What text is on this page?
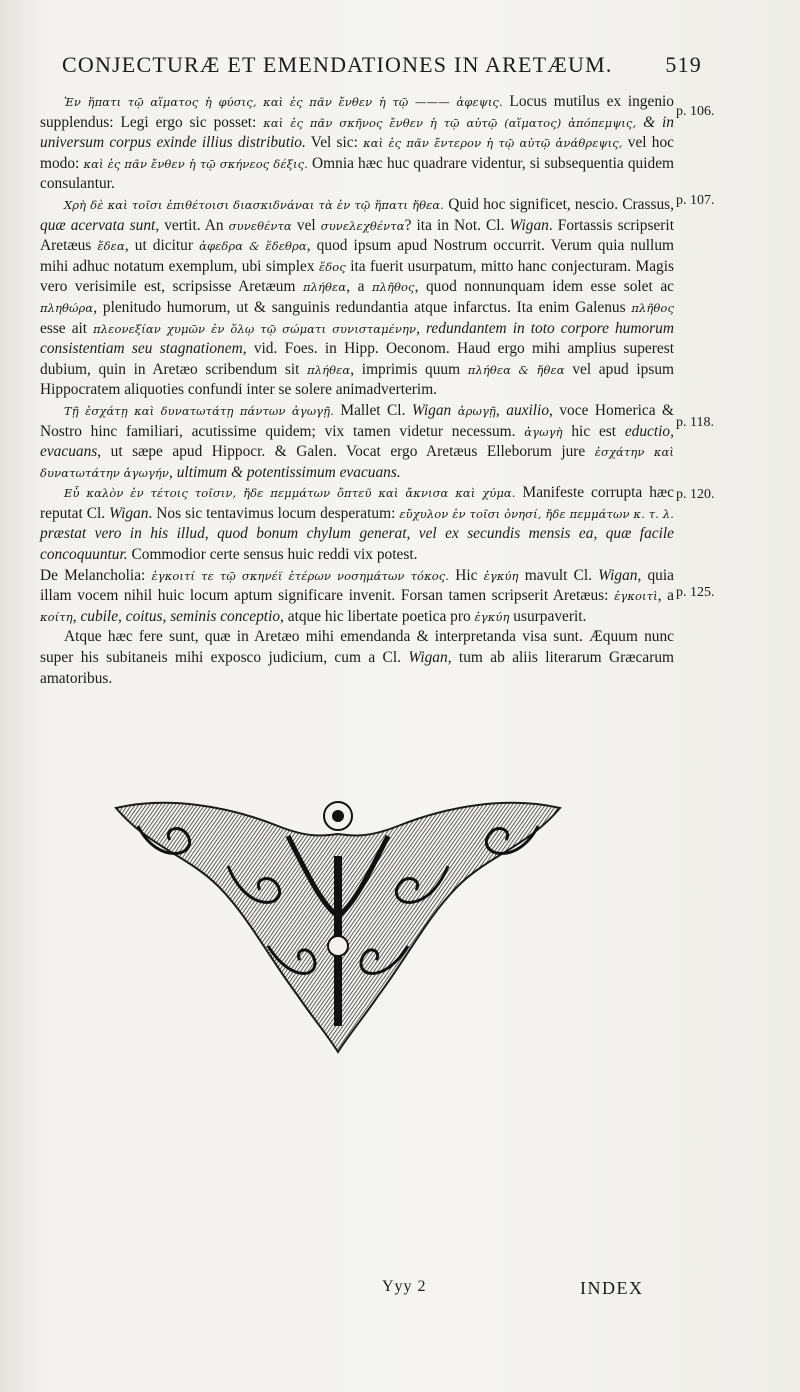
CONJECTURÆ ET EMENDATIONES IN ARETÆUM. 519

Ἐν ἥπατι τῷ αἵματος ἡ φύσις, καὶ ἐς πᾶν ἔνθεν ἡ τῷ ——— ἀφεψις. Locus mutilus ex ingenio supplendus: Legi ergo sic posset: καὶ ἐς πᾶν σκῆνος ἔνθεν ἡ τῷ αὐτῷ (αἵματος) ἀπόπεμψις, & in universum corpus exinde illius distributio. Vel sic: καὶ ἐς πᾶν ἔντερον ἡ τῷ αὐτῷ ἀνάθρεψις, vel hoc modo: καὶ ἐς πᾶν ἔνθεν ἡ τῷ σκήνεος δέξις. Omnia hæc huc quadrare videntur, si subsequentia quidem consulantur.

Χρὴ δὲ καὶ τοῖσι ἐπιθέτοισι διασκιδνάναι τὰ ἐν τῷ ἥπατι ἤθεα. Quid hoc significet, nescio. Crassus, quæ acervata sunt, vertit. An συνεθέντα vel συνελεχθέντα? ita in Not. Cl. Wigan. Fortassis scripserit Aretæus ἔδεα, ut dicitur ἀφεδρα & ἕδεθρα, quod ipsum apud Nostrum occurrit. Verum quia nullum mihi adhuc notatum exemplum, ubi simplex ἕδος ita fuerit usurpatum, mitto hanc conjecturam. Magis vero verisimile est, scripsisse Aretæum πλήθεα, a πλῆθος, quod nonnunquam idem esse solet ac πληθώρα, plenitudo humorum, ut & sanguinis redundantia atque infarctus. Ita enim Galenus πλῆθος esse ait πλεονεξίαν χυμῶν ἐν ὅλῳ τῷ σώματι συνισταμένην, redundantem in toto corpore humorum consistentiam seu stagnationem, vid. Foes. in Hipp. Oeconom. Haud ergo mihi amplius superest dubium, quin in Aretæo scribendum sit πλήθεα, imprimis quum πλήθεα & ἤθεα vel apud ipsum Hippocratem aliquoties confundi inter se solere animadverterim.

Τῇ ἐσχάτῃ καὶ δυνατωτάτῃ πάντων ἀγωγῇ. Mallet Cl. Wigan ἀρωγῇ, auxilio, voce Homerica & Nostro hinc familiari, acutissime quidem; vix tamen videtur necessum. ἀγωγὴ hic est eductio, evacuans, ut sæpe apud Hippocr. & Galen. Vocat ergo Aretæus Elleborum jure ἐσχάτην καὶ δυνατωτάτην ἀγωγήν, ultimum & potentissimum evacuans.

Εὖ καλὸν ἐν τέτοις τοῖσιν, ἤδε πεμμάτων ὄπτεῦ καὶ ἄκνισα καὶ χύμα. Manifeste corrupta hæc reputat Cl. Wigan. Nos sic tentavimus locum desperatum: εὔχυλον ἐν τοῖσι ὀνησί, ἤδε πεμμάτων κ. τ. λ. præstat vero in his illud, quod bonum chylum generat, vel ex secundis mensis ea, quæ facile concoquuntur. Commodior certe sensus huic reddi vix potest.

De Melancholia: ἐγκοιτί τε τῷ σκηνέϊ ἑτέρων νοσημάτων τόκος. Hic ἐγκύη mavult Cl. Wigan, quia illam vocem nihil huic locum aptum significare invenit. Forsan tamen scripserit Aretæus: ἐγκοιτὶ, a κοίτη, cubile, coitus, seminis conceptio, atque hic libertate poetica pro ἐγκύη usurpaverit.

Atque hæc fere sunt, quæ in Aretæo mihi emendanda & interpretanda visa sunt. Æquum nunc super his subitaneis mihi exposco judicium, cum a Cl. Wigan, tum ab aliis literarum Græcarum amatoribus.

p. 106.
p. 107.
p. 118.
p. 120.
p. 125.
Yyy 2	INDEX
